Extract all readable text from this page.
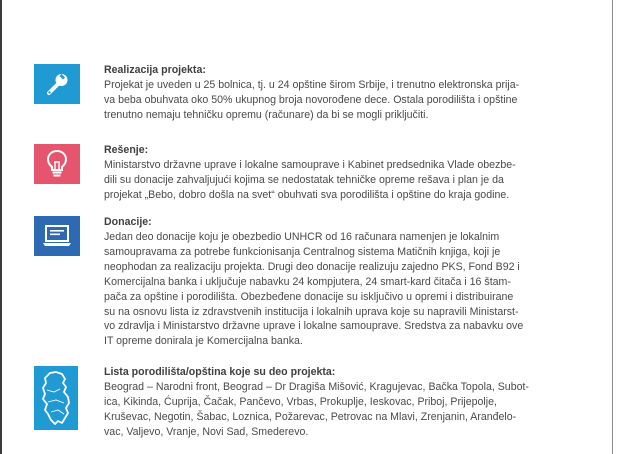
Realizacija projekta:
Projekat je uveden u 25 bolnica, tj. u 24 opštine širom Srbije, i trenutno elektronska prija-
va beba obuhvata oko 50% ukupnog broja novorođene dece. Ostala porodilišta i opštine
trenutno nemaju tehničku opremu (računare) da bi se mogli priključiti.
Rešenje:
Ministarstvo državne uprave i lokalne samouprave i Kabinet predsednika Vlade obezbe-
dili su donacije zahvaljujući kojima se nedostatak tehničke opreme rešava i plan je da
projekat „Bebo, dobro došla na svet“ obuhvati sva porodilišta i opštine do kraja godine.
Donacije:
Jedan deo donacije koju je obezbedio UNHCR od 16 računara namenjen je lokalnim
samoupravama za potrebe funkcionisanja Centralnog sistema Matičnih knjiga, koji je
neophodan za realizaciju projekta. Drugi deo donacije realizuju zajedno PKS, Fond B92 i
Komercijalna banka i uključuje nabavku 24 kompjutera, 24 smart-kard čitača i 16 štam-
pača za opštine i porodilišta. Obezbeđene donacije su isključivo u opremi i distribuirane
su na osnovu lista iz zdravstvenih institucija i lokalnih uprava koje su napravili Ministarst-
vo zdravlja i Ministarstvo državne uprave i lokalne samouprave. Sredstva za nabavku ove
IT opreme donirala je Komercijalna banka.
Lista porodilišta/opština koje su deo projekta:
Beograd – Narodni front, Beograd – Dr Dragiša Mišović, Kragujevac, Bačka Topola, Subot-
ica, Kikinda, Ćuprija, Čačak, Pančevo, Vrbas, Prokuplje, Ieskovac, Priboj, Prijepolje,
Kruševac, Negotin, Šabac, Loznica, Požarevac, Petrovac na Mlavi, Zrenjanin, Aranđelo-
vac, Valjevo, Vranje, Novi Sad, Smederevo.
